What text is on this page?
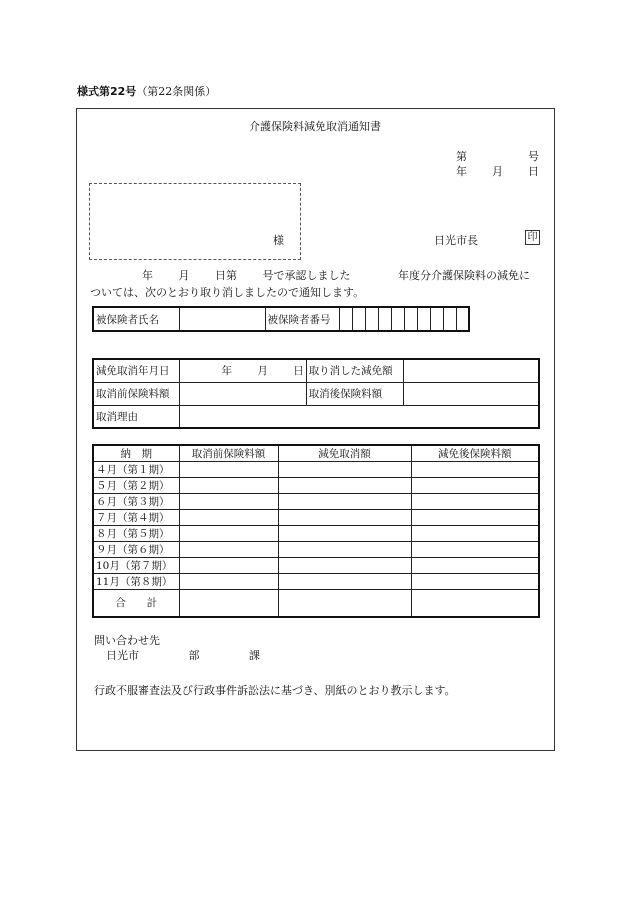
様式第22号（第22条関係）
介護保険料減免取消通知書
第	号
年 月 日
様	日光市長	印
年 月 日第 号で承認しました	年度分介護保険料の減免に
ついては、次のとおり取り消しましたので通知します。
被保険者氏名		被保険者番号										
減免取消年月日	年 月 日	取り消した減免額	
取消前保険料額		取消後保険料額	
取消理由			
納　期	取消前保険料額	減免取消額	減免後保険料額
４月（第１期）			
５月（第２期）			
６月（第３期）			
７月（第４期）			
８月（第５期）			
９月（第６期）			
10月（第７期）			
11月（第８期）			
合　　計			
問い合わせ先
日光市	部	課
行政不服審査法及び行政事件訴訟法に基づき、別紙のとおり教示します。
